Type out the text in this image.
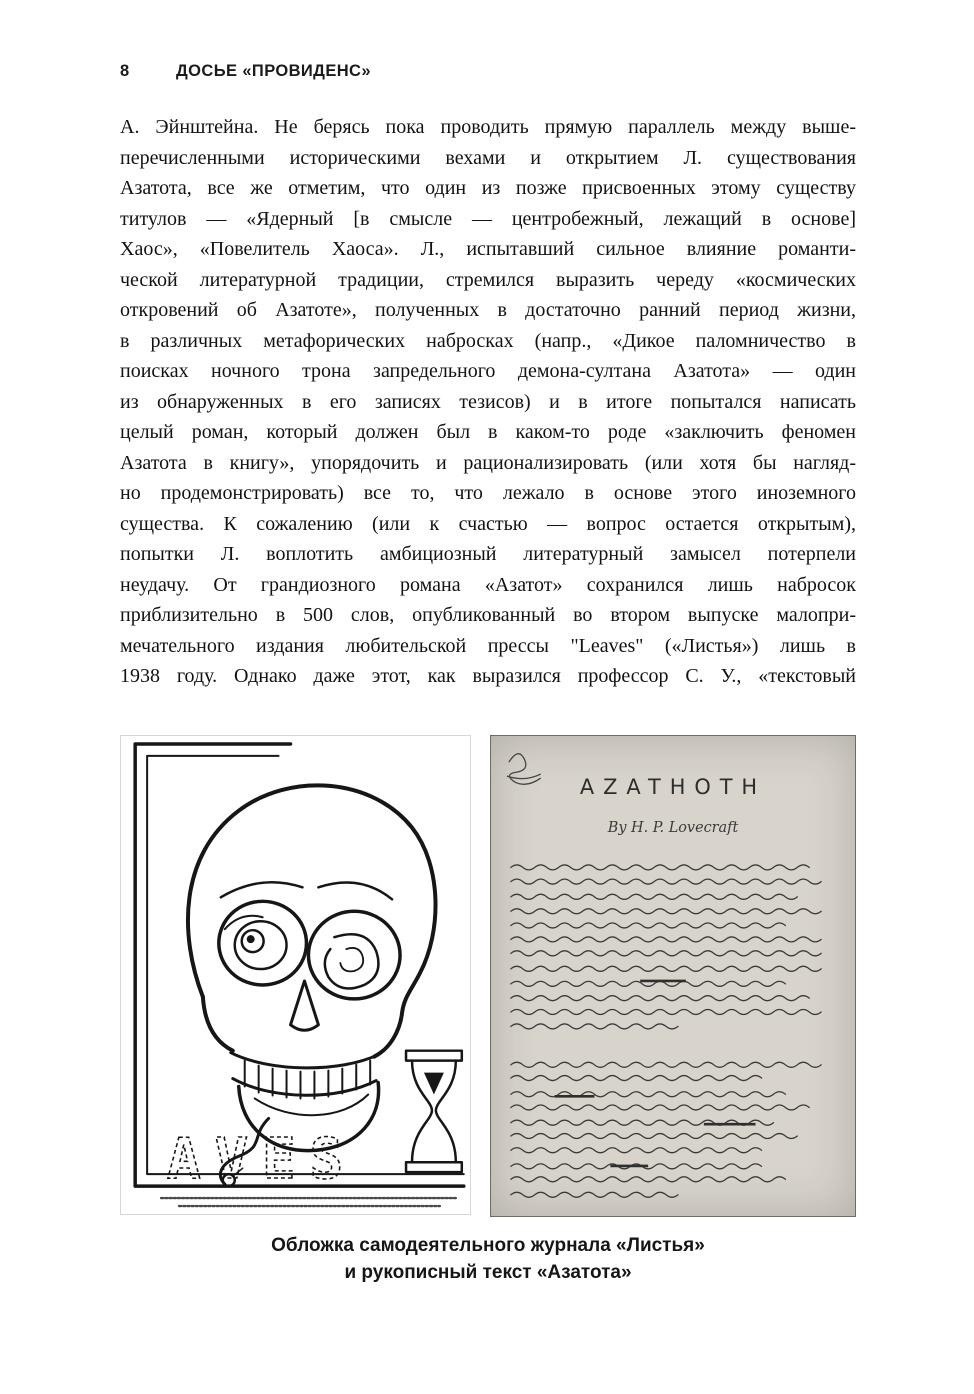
8	ДОСЬЕ «ПРОВИДЕНС»
А. Эйнштейна. Не берясь пока проводить прямую параллель между выше-
перечисленными историческими вехами и открытием Л. существования
Азатота, все же отметим, что один из позже присвоенных этому существу
титулов — «Ядерный [в смысле — центробежный, лежащий в основе]
Хаос», «Повелитель Хаоса». Л., испытавший сильное влияние романти-
ческой литературной традиции, стремился выразить череду «космических
откровений об Азатоте», полученных в достаточно ранний период жизни,
в различных метафорических набросках (напр., «Дикое паломничество в
поисках ночного трона запредельного демона-султана Азатота» — один
из обнаруженных в его записях тезисов) и в итоге попытался написать
целый роман, который должен был в каком-то роде «заключить феномен
Азатота в книгу», упорядочить и рационализировать (или хотя бы нагляд-
но продемонстрировать) все то, что лежало в основе этого иноземного
существа. К сожалению (или к счастью — вопрос остается открытым),
попытки Л. воплотить амбициозный литературный замысел потерпели
неудачу. От грандиозного романа «Азатот» сохранился лишь набросок
приблизительно в 500 слов, опубликованный во втором выпуске малопри-
мечательного издания любительской прессы "Leaves" («Листья») лишь в
1938 году. Однако даже этот, как выразился профессор С. У., «текстовый
AVES
AZATHOTH
By H. P. Lovecraft
Обложка самодеятельного журнала «Листья»
и рукописный текст «Азатота»
